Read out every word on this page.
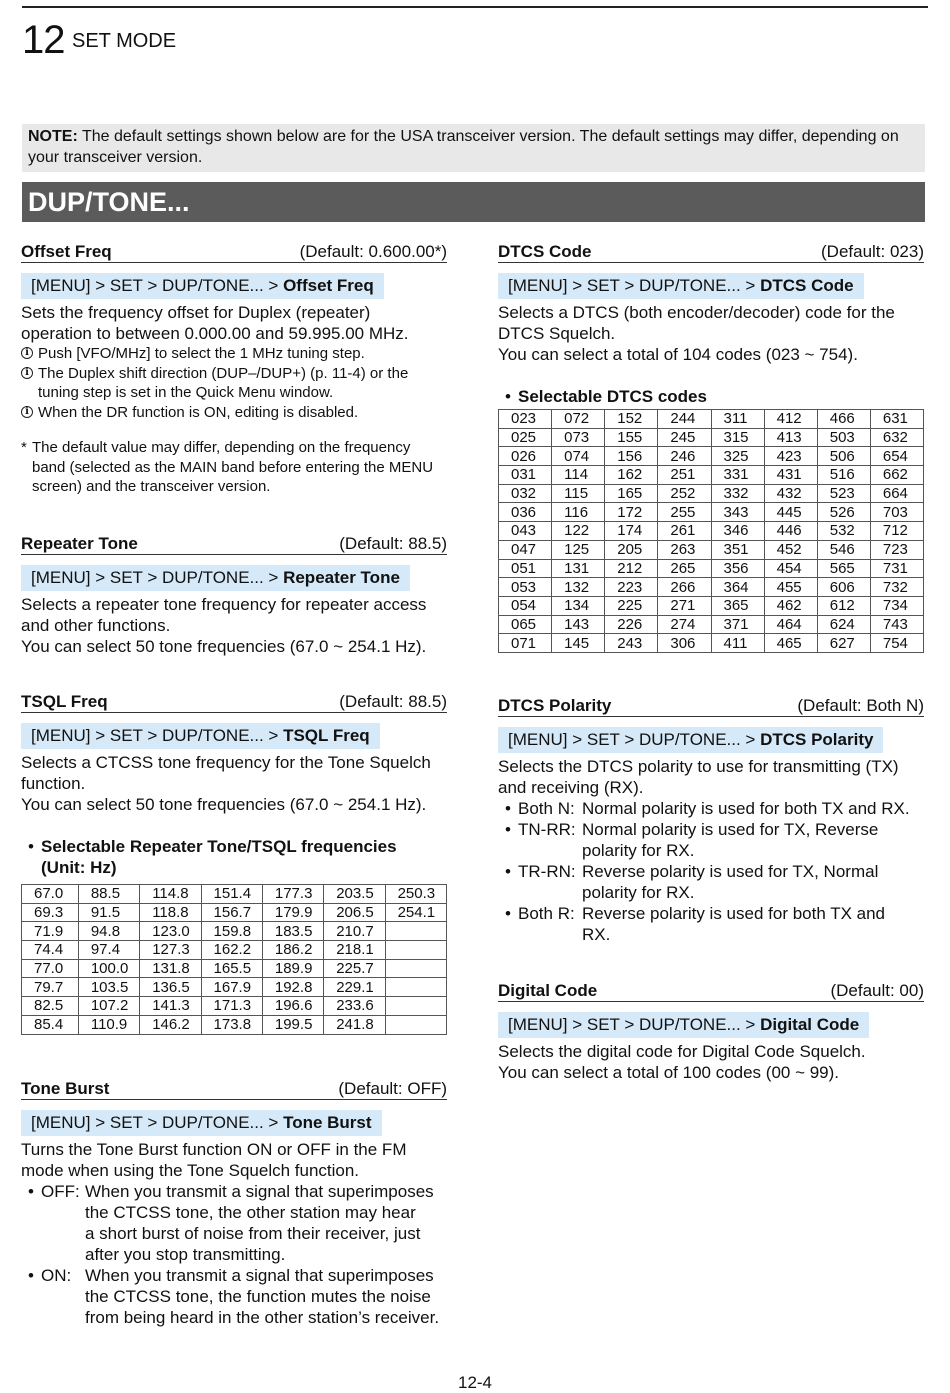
12 SET MODE
NOTE: The default settings shown below are for the USA transceiver version. The default settings may differ, depending on your transceiver version.
DUP/TONE...
Offset Freq	(Default: 0.600.00*)
[MENU] > SET > DUP/TONE... > Offset Freq

Sets the frequency offset for Duplex (repeater)

operation to between 0.000.00 and 59.995.00 MHz.

i Push [VFO/MHz] to select the 1 MHz tuning step.
i The Duplex shift direction (DUP–/DUP+) (p. 11-4) or the tuning step is set in the Quick Menu window.
i When the DR function is ON, editing is disabled.
* The default value may differ, depending on the frequency band (selected as the MAIN band before entering the MENU screen) and the transceiver version.
Repeater Tone	(Default: 88.5)
[MENU] > SET > DUP/TONE... > Repeater Tone

Selects a repeater tone frequency for repeater access

and other functions.

You can select 50 tone frequencies (67.0 ~ 254.1 Hz).

TSQL Freq	(Default: 88.5)
[MENU] > SET > DUP/TONE... > TSQL Freq

Selects a CTCSS tone frequency for the Tone Squelch

function.

You can select 50 tone frequencies (67.0 ~ 254.1 Hz).

• Selectable Repeater Tone/TSQL frequencies
(Unit: Hz)
67.0	88.5	114.8	151.4	177.3	203.5	250.3
69.3	91.5	118.8	156.7	179.9	206.5	254.1
71.9	94.8	123.0	159.8	183.5	210.7	
74.4	97.4	127.3	162.2	186.2	218.1	
77.0	100.0	131.8	165.5	189.9	225.7	
79.7	103.5	136.5	167.9	192.8	229.1	
82.5	107.2	141.3	171.3	196.6	233.6	
85.4	110.9	146.2	173.8	199.5	241.8	
Tone Burst	(Default: OFF)
[MENU] > SET > DUP/TONE... > Tone Burst

Turns the Tone Burst function ON or OFF in the FM

mode when using the Tone Squelch function.

• OFF: When you transmit a signal that superimposes
the CTCSS tone, the other station may hear
a short burst of noise from their receiver, just
after you stop transmitting.
• ON: When you transmit a signal that superimposes
the CTCSS tone, the function mutes the noise
from being heard in the other station’s receiver.
DTCS Code	(Default: 023)
[MENU] > SET > DUP/TONE... > DTCS Code

Selects a DTCS (both encoder/decoder) code for the

DTCS Squelch.

You can select a total of 104 codes (023 ~ 754).

• Selectable DTCS codes
023	072	152	244	311	412	466	631
025	073	155	245	315	413	503	632
026	074	156	246	325	423	506	654
031	114	162	251	331	431	516	662
032	115	165	252	332	432	523	664
036	116	172	255	343	445	526	703
043	122	174	261	346	446	532	712
047	125	205	263	351	452	546	723
051	131	212	265	356	454	565	731
053	132	223	266	364	455	606	732
054	134	225	271	365	462	612	734
065	143	226	274	371	464	624	743
071	145	243	306	411	465	627	754
DTCS Polarity	(Default: Both N)
[MENU] > SET > DUP/TONE... > DTCS Polarity

Selects the DTCS polarity to use for transmitting (TX)

and receiving (RX).

• Both N: Normal polarity is used for both TX and RX.
• TN-RR: Normal polarity is used for TX, Reverse
polarity for RX.
• TR-RN: Reverse polarity is used for TX, Normal
polarity for RX.
• Both R: Reverse polarity is used for both TX and
RX.
Digital Code	(Default: 00)
[MENU] > SET > DUP/TONE... > Digital Code

Selects the digital code for Digital Code Squelch.

You can select a total of 100 codes (00 ~ 99).

12-4
